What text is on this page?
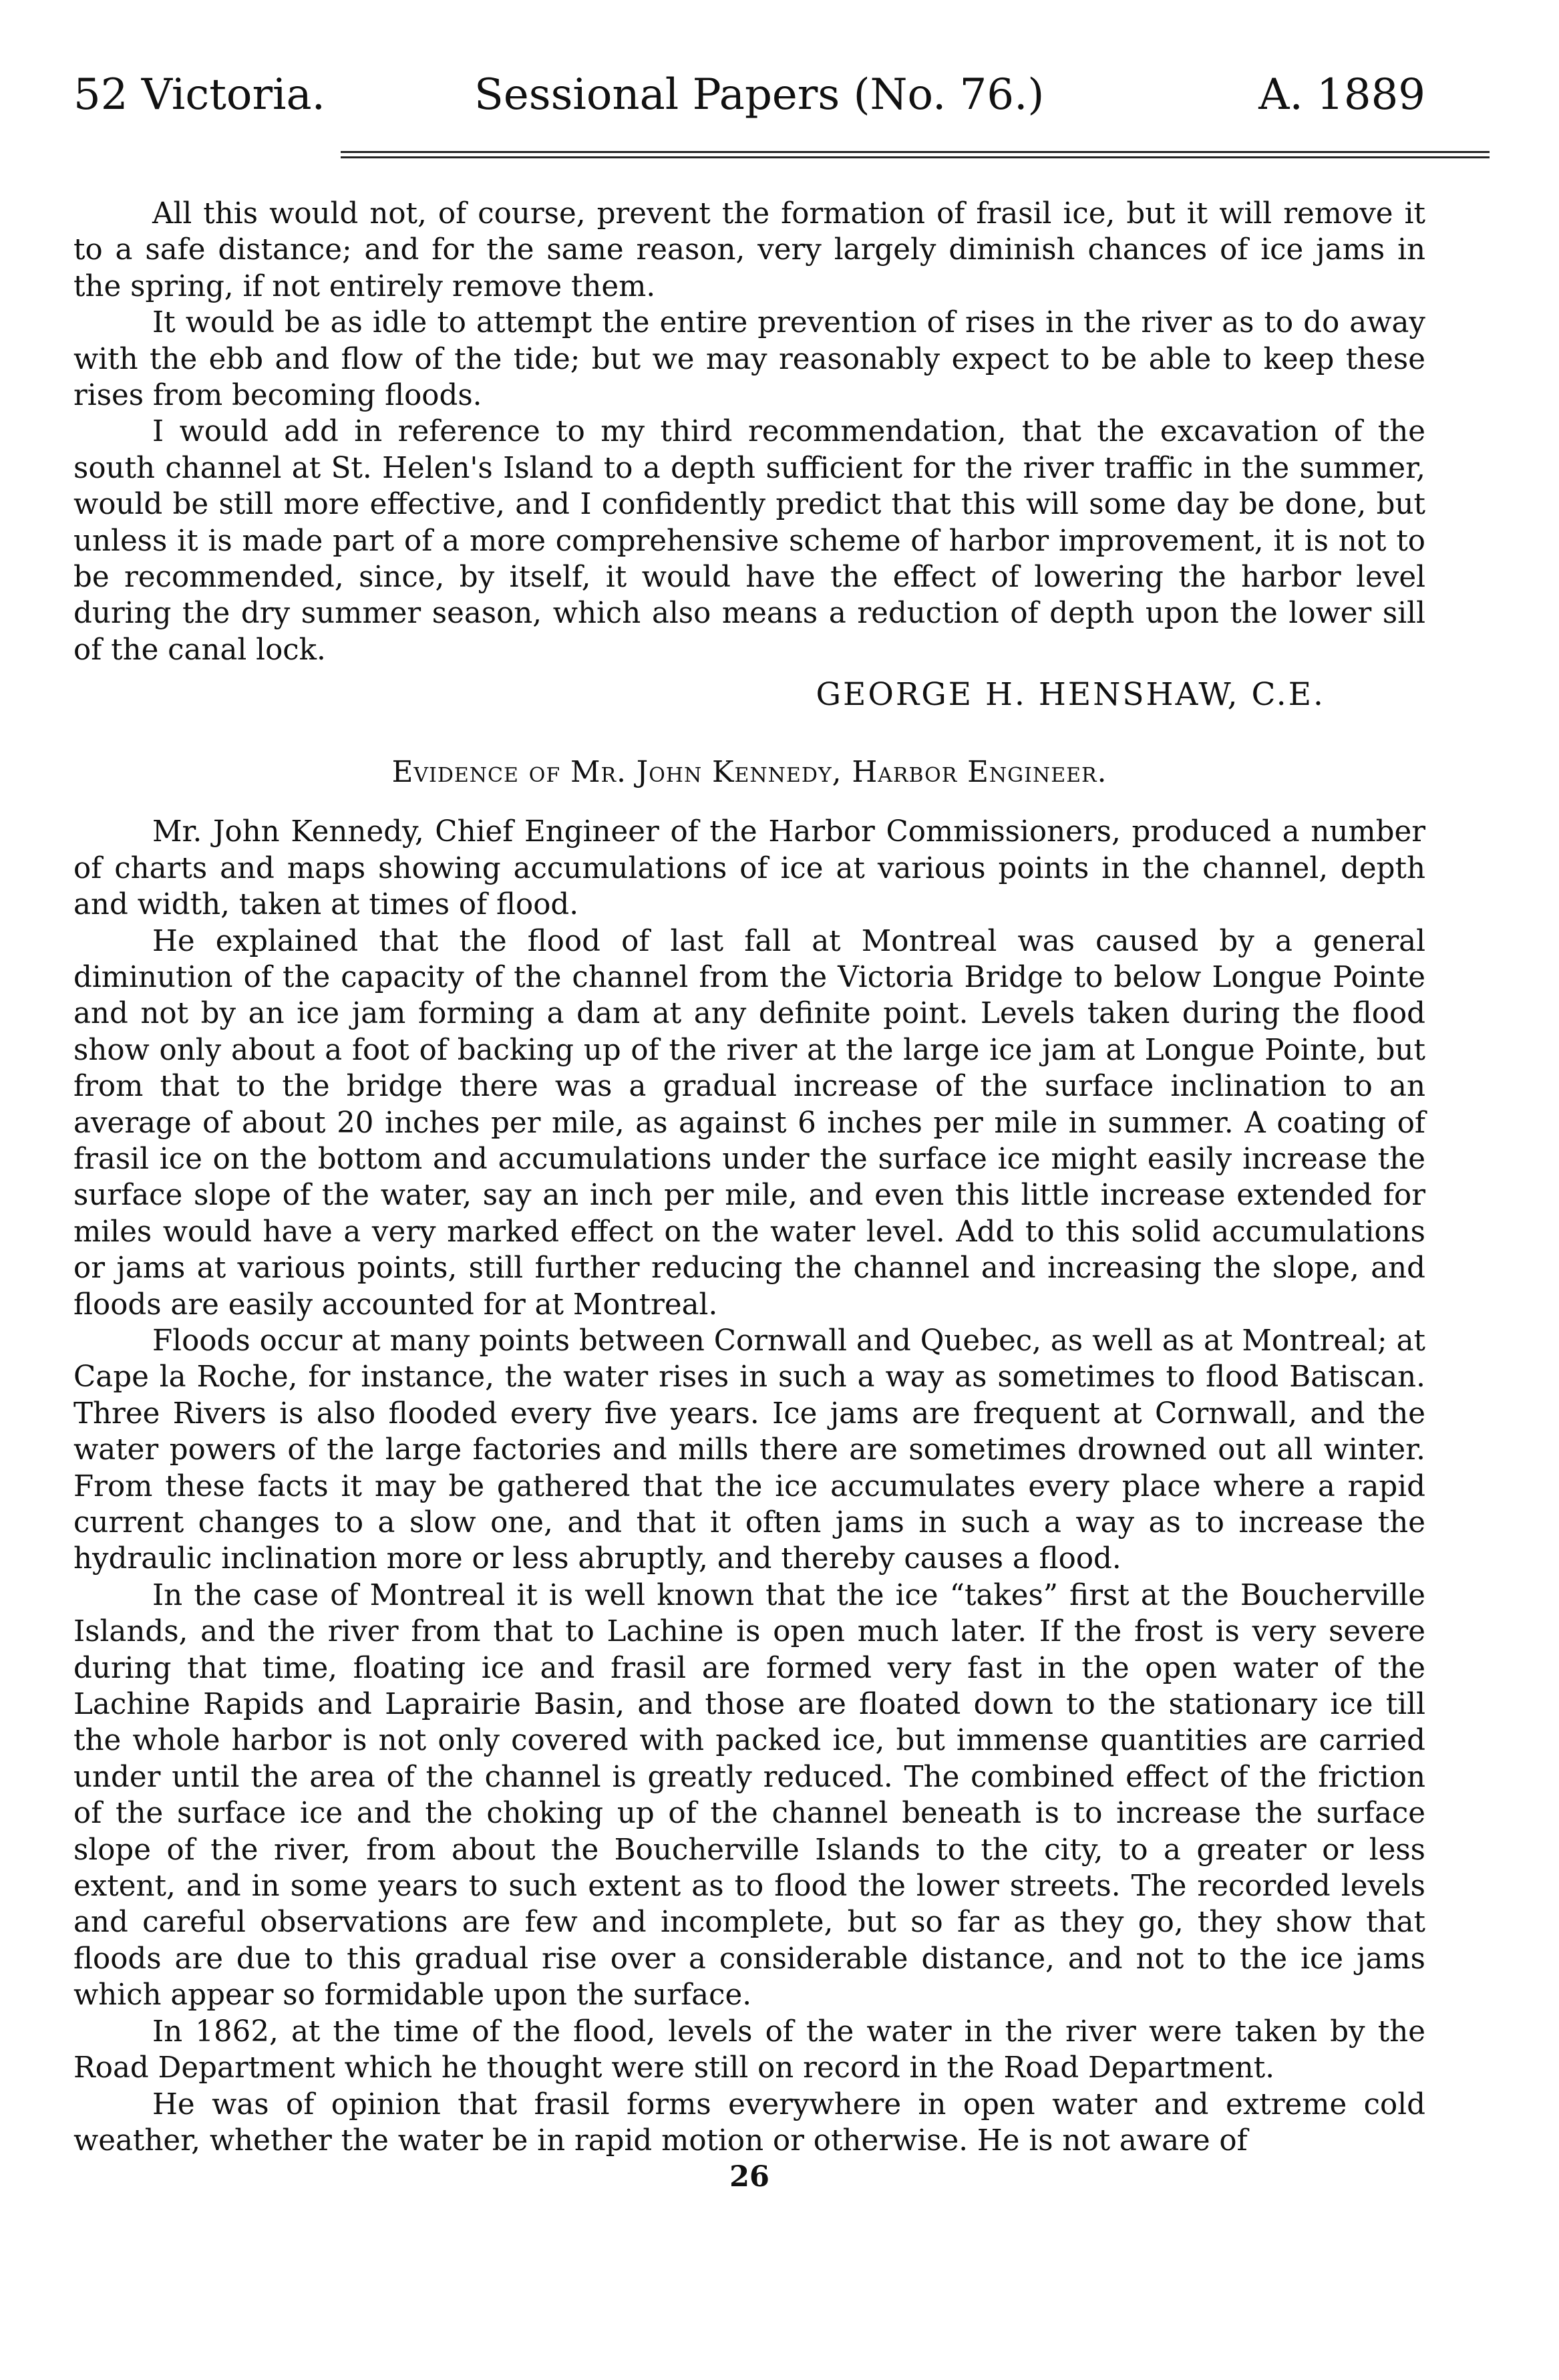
52 Victoria.	Sessional Papers (No. 76.)	A. 1889

All this would not, of course, prevent the formation of frasil ice, but it will remove it to a safe distance; and for the same reason, very largely diminish chances of ice jams in the spring, if not entirely remove them.

It would be as idle to attempt the entire prevention of rises in the river as to do away with the ebb and flow of the tide; but we may reasonably expect to be able to keep these rises from becoming floods.

I would add in reference to my third recommendation, that the excavation of the south channel at St. Helen's Island to a depth sufficient for the river traffic in the summer, would be still more effective, and I confidently predict that this will some day be done, but unless it is made part of a more comprehensive scheme of harbor improvement, it is not to be recommended, since, by itself, it would have the effect of lowering the harbor level during the dry summer season, which also means a reduction of depth upon the lower sill of the canal lock.

GEORGE H. HENSHAW, C.E.
Evidence of Mr. John Kennedy, Harbor Engineer.

Mr. John Kennedy, Chief Engineer of the Harbor Commissioners, produced a number of charts and maps showing accumulations of ice at various points in the channel, depth and width, taken at times of flood.

He explained that the flood of last fall at Montreal was caused by a general diminution of the capacity of the channel from the Victoria Bridge to below Longue Pointe and not by an ice jam forming a dam at any definite point. Levels taken during the flood show only about a foot of backing up of the river at the large ice jam at Longue Pointe, but from that to the bridge there was a gradual increase of the surface inclination to an average of about 20 inches per mile, as against 6 inches per mile in summer. A coating of frasil ice on the bottom and accumulations under the surface ice might easily increase the surface slope of the water, say an inch per mile, and even this little increase extended for miles would have a very marked effect on the water level. Add to this solid accumulations or jams at various points, still further reducing the channel and increasing the slope, and floods are easily accounted for at Montreal.

Floods occur at many points between Cornwall and Quebec, as well as at Montreal; at Cape la Roche, for instance, the water rises in such a way as sometimes to flood Batiscan. Three Rivers is also flooded every five years. Ice jams are frequent at Cornwall, and the water powers of the large factories and mills there are sometimes drowned out all winter. From these facts it may be gathered that the ice accumulates every place where a rapid current changes to a slow one, and that it often jams in such a way as to increase the hydraulic inclination more or less abruptly, and thereby causes a flood.

In the case of Montreal it is well known that the ice “takes” first at the Boucherville Islands, and the river from that to Lachine is open much later. If the frost is very severe during that time, floating ice and frasil are formed very fast in the open water of the Lachine Rapids and Laprairie Basin, and those are floated down to the stationary ice till the whole harbor is not only covered with packed ice, but immense quantities are carried under until the area of the channel is greatly reduced. The combined effect of the friction of the surface ice and the choking up of the channel beneath is to increase the surface slope of the river, from about the Boucherville Islands to the city, to a greater or less extent, and in some years to such extent as to flood the lower streets. The recorded levels and careful observations are few and incomplete, but so far as they go, they show that floods are due to this gradual rise over a considerable distance, and not to the ice jams which appear so formidable upon the surface.

In 1862, at the time of the flood, levels of the water in the river were taken by the Road Department which he thought were still on record in the Road Department.

He was of opinion that frasil forms everywhere in open water and extreme cold weather, whether the water be in rapid motion or otherwise. He is not aware of

26
